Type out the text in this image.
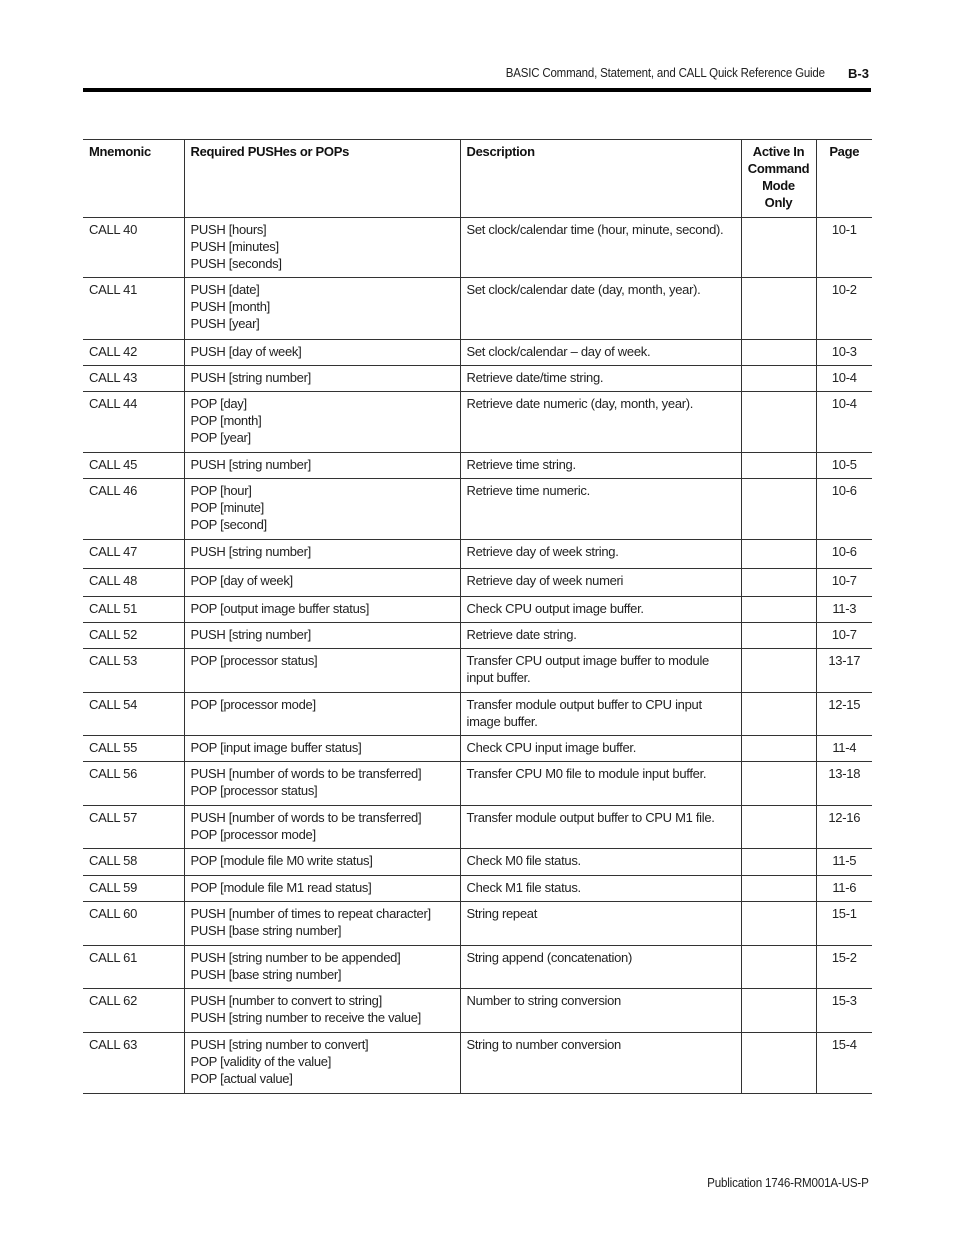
BASIC Command, Statement, and CALL Quick Reference Guide B-3
Mnemonic	Required PUSHes or POPs	Description	Active In Command Mode Only	Page
CALL 40	PUSH [hours]
PUSH [minutes]
PUSH [seconds]	Set clock/calendar time (hour, minute, second).		10-1
CALL 41	PUSH [date]
PUSH [month]
PUSH [year]	Set clock/calendar date (day, month, year).		10-2
CALL 42	PUSH [day of week]	Set clock/calendar – day of week.		10-3
CALL 43	PUSH [string number]	Retrieve date/time string.		10-4
CALL 44	POP [day]
POP [month]
POP [year]	Retrieve date numeric (day, month, year).		10-4
CALL 45	PUSH [string number]	Retrieve time string.		10-5
CALL 46	POP [hour]
POP [minute]
POP [second]	Retrieve time numeric.		10-6
CALL 47	PUSH [string number]	Retrieve day of week string.		10-6
CALL 48	POP [day of week]	Retrieve day of week numeri		10-7
CALL 51	POP [output image buffer status]	Check CPU output image buffer.		11-3
CALL 52	PUSH [string number]	Retrieve date string.		10-7
CALL 53	POP [processor status]	Transfer CPU output image buffer to module input buffer.		13-17
CALL 54	POP [processor mode]	Transfer module output buffer to CPU input image buffer.		12-15
CALL 55	POP [input image buffer status]	Check CPU input image buffer.		11-4
CALL 56	PUSH [number of words to be transferred]
POP [processor status]	Transfer CPU M0 file to module input buffer.		13-18
CALL 57	PUSH [number of words to be transferred]
POP [processor mode]	Transfer module output buffer to CPU M1 file.		12-16
CALL 58	POP [module file M0 write status]	Check M0 file status.		11-5
CALL 59	POP [module file M1 read status]	Check M1 file status.		11-6
CALL 60	PUSH [number of times to repeat character]
PUSH [base string number]	String repeat		15-1
CALL 61	PUSH [string number to be appended]
PUSH [base string number]	String append (concatenation)		15-2
CALL 62	PUSH [number to convert to string]
PUSH [string number to receive the value]	Number to string conversion		15-3
CALL 63	PUSH [string number to convert]
POP [validity of the value]
POP [actual value]	String to number conversion		15-4
Publication 1746-RM001A-US-P
